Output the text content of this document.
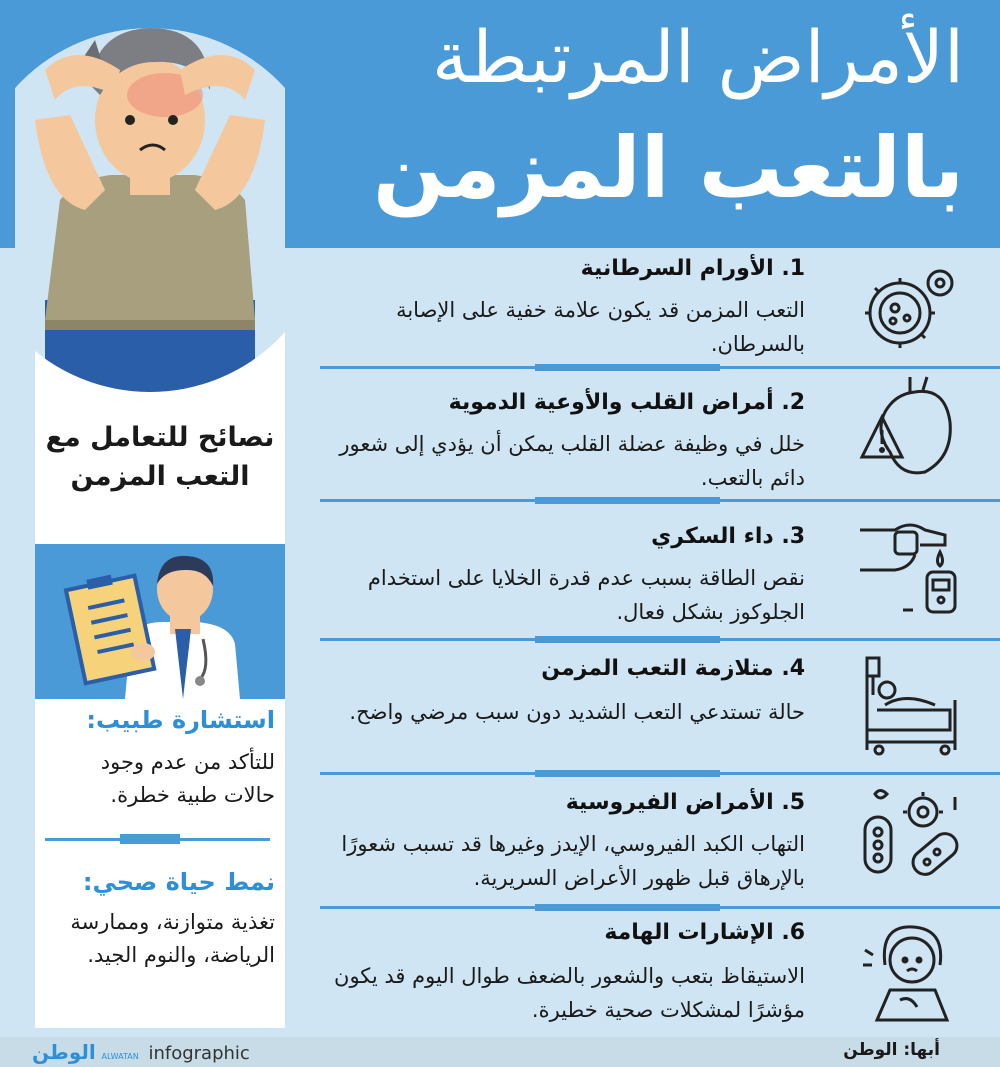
الأمراض المرتبطة
بالتعب المزمن
نصائح للتعامل مع التعب المزمن
استشارة طبيب:
للتأكد من عدم وجود حالات طبية خطرة.
نمط حياة صحي:
تغذية متوازنة، وممارسة الرياضة، والنوم الجيد.
1. الأورام السرطانية
التعب المزمن قد يكون علامة خفية على الإصابة بالسرطان.
2. أمراض القلب والأوعية الدموية
خلل في وظيفة عضلة القلب يمكن أن يؤدي إلى شعور دائم بالتعب.
3. داء السكري
نقص الطاقة بسبب عدم قدرة الخلايا على استخدام الجلوكوز بشكل فعال.
4. متلازمة التعب المزمن
حالة تستدعي التعب الشديد دون سبب مرضي واضح.
5. الأمراض الفيروسية
التهاب الكبد الفيروسي، الإيدز وغيرها قد تسبب شعورًا بالإرهاق قبل ظهور الأعراض السريرية.
6. الإشارات الهامة
الاستيقاظ بتعب والشعور بالضعف طوال اليوم قد يكون مؤشرًا لمشكلات صحية خطيرة.
الوطن ALWATAN infographic	أبها: الوطن
